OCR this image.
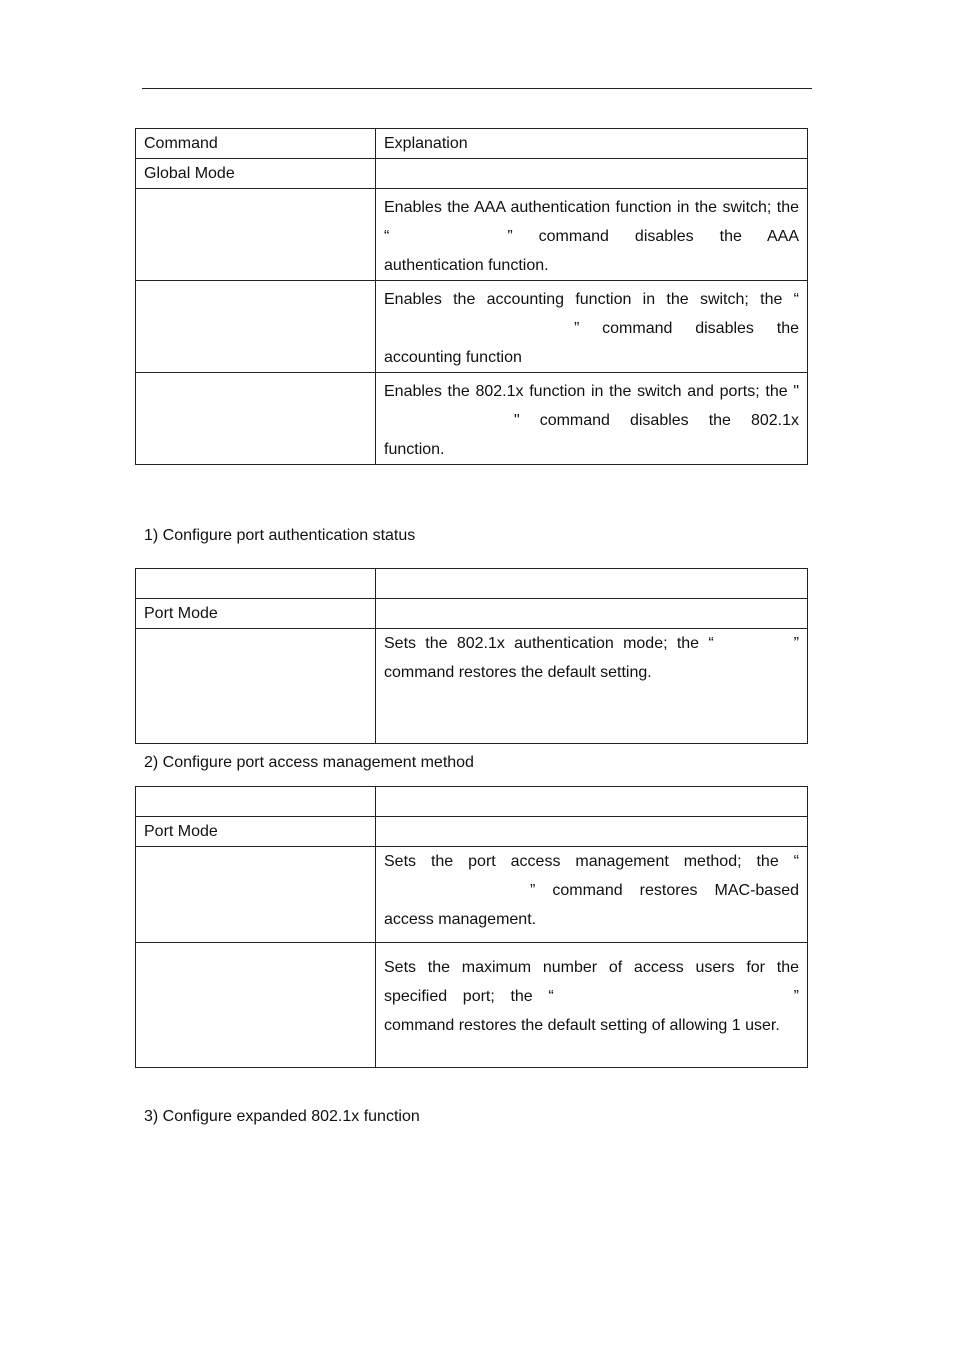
Command	Explanation
Global Mode	
	Enables the AAA authentication function in the switch; the “ ” command disables the AAA authentication function.
	Enables the accounting function in the switch; the “” command disables the accounting function
	Enables the 802.1x function in the switch and ports; the "" command disables the 802.1x function.
1) Configure port authentication status

Port Mode	
	Sets the 802.1x authentication mode; the “ ” command restores the default setting.
2) Configure port access management method

Port Mode	
	Sets the port access management method; the “” command restores MAC-based access management.
	Sets the maximum number of access users for the specified port; the “ ” command restores the default setting of allowing 1 user.
3) Configure expanded 802.1x function
